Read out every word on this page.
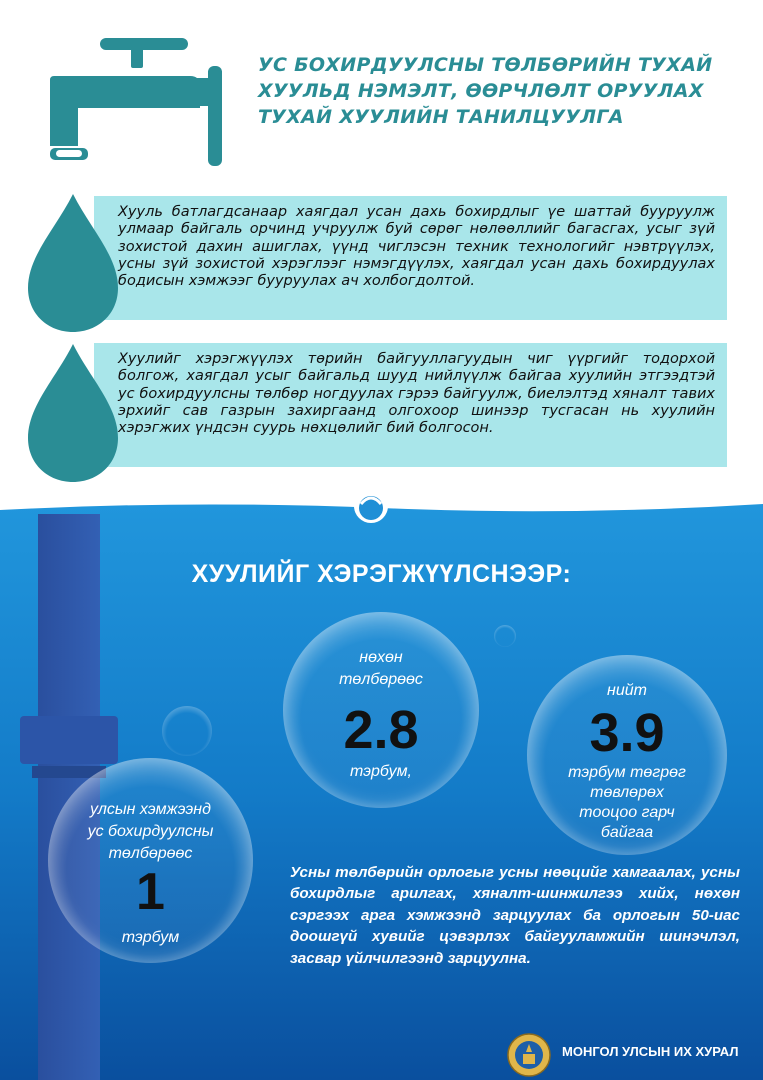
УС БОХИРДУУЛСНЫ ТӨЛБӨРИЙН ТУХАЙ
ХУУЛЬД НЭМЭЛТ, ӨӨРЧЛӨЛТ ОРУУЛАХ
ТУХАЙ ХУУЛИЙН ТАНИЛЦУУЛГА

Хууль батлагдсанаар хаягдал усан дахь бохирдлыг үе шаттай бууруулж улмаар байгаль орчинд учруулж буй сөрөг нөлөөллийг багасгах, усыг зүй зохистой дахин ашиглах, үүнд чиглэсэн техник технологийг нэвтрүүлэх, усны зүй зохистой хэрэглээг нэмэгдүүлэх, хаягдал усан дахь бохирдуулах бодисын хэмжээг бууруулах ач холбогдолтой.

Хуулийг хэрэгжүүлэх төрийн байгууллагуудын чиг үүргийг тодорхой болгож, хаягдал усыг байгальд шууд нийлүүлж байгаа хуулийн этгээдтэй ус бохирдуулсны төлбөр ногдуулах гэрээ байгуулж, биелэлтэд хяналт тавих эрхийг сав газрын захиргаанд олгохоор шинээр тусгасан нь хуулийн хэрэгжих үндсэн суурь нөхцөлийг бий болгосон.

ХУУЛИЙГ ХЭРЭГЖҮҮЛСНЭЭР:
нөхөн
төлбөрөөс
2.8
тэрбум,
нийт
3.9
тэрбум төгрөг
төвлөрөх
тооцоо гарч
байгаа
улсын хэмжээнд
ус бохирдуулсны
төлбөрөөс
1
тэрбум

Усны төлбөрийн орлогыг усны нөөцийг хамгаалах, усны бохирдлыг арилгах, хяналт-шинжилгээ хийх, нөхөн сэргээх арга хэмжээнд зарцуулах ба орлогын 50-иас доошгүй хувийг цэвэрлэх байгууламжийн шинэчлэл, засвар үйлчилгээнд зарцуулна.

МОНГОЛ УЛСЫН ИХ ХУРАЛ
